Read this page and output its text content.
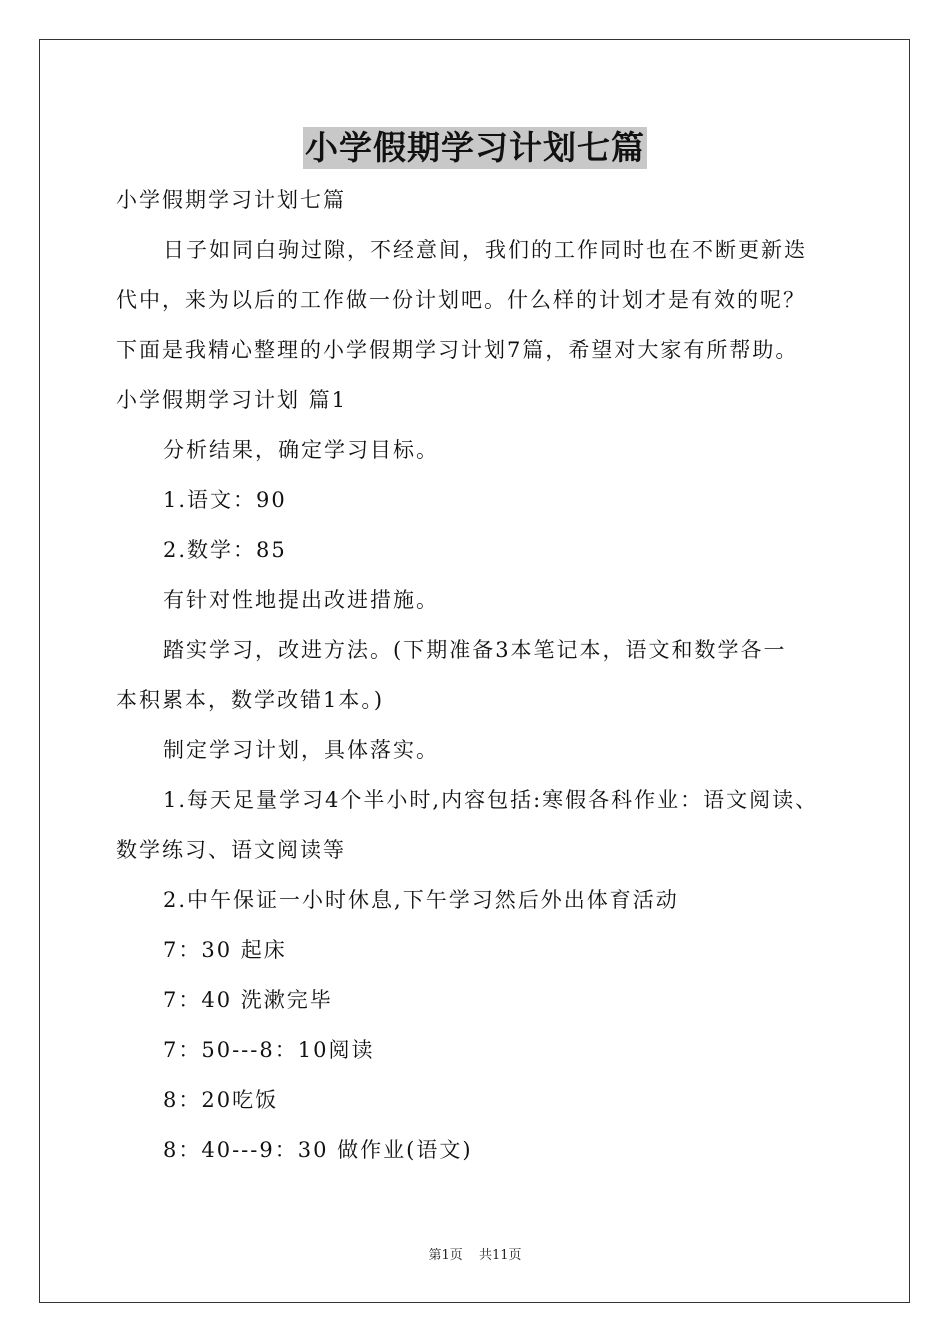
小学假期学习计划七篇
小学假期学习计划七篇
日子如同白驹过隙，不经意间，我们的工作同时也在不断更新迭
代中，来为以后的工作做一份计划吧。什么样的计划才是有效的呢？
下面是我精心整理的小学假期学习计划7篇，希望对大家有所帮助。
小学假期学习计划 篇1
分析结果，确定学习目标。
1.语文：90
2.数学：85
有针对性地提出改进措施。
踏实学习，改进方法。(下期准备3本笔记本，语文和数学各一
本积累本，数学改错1本。)
制定学习计划，具体落实。
1.每天足量学习4个半小时,内容包括:寒假各科作业：语文阅读、
数学练习、语文阅读等
2.中午保证一小时休息,下午学习然后外出体育活动
7：30 起床
7：40 洗漱完毕
7：50---8：10阅读
8：20吃饭
8：40---9：30 做作业(语文)
第1页 共11页
